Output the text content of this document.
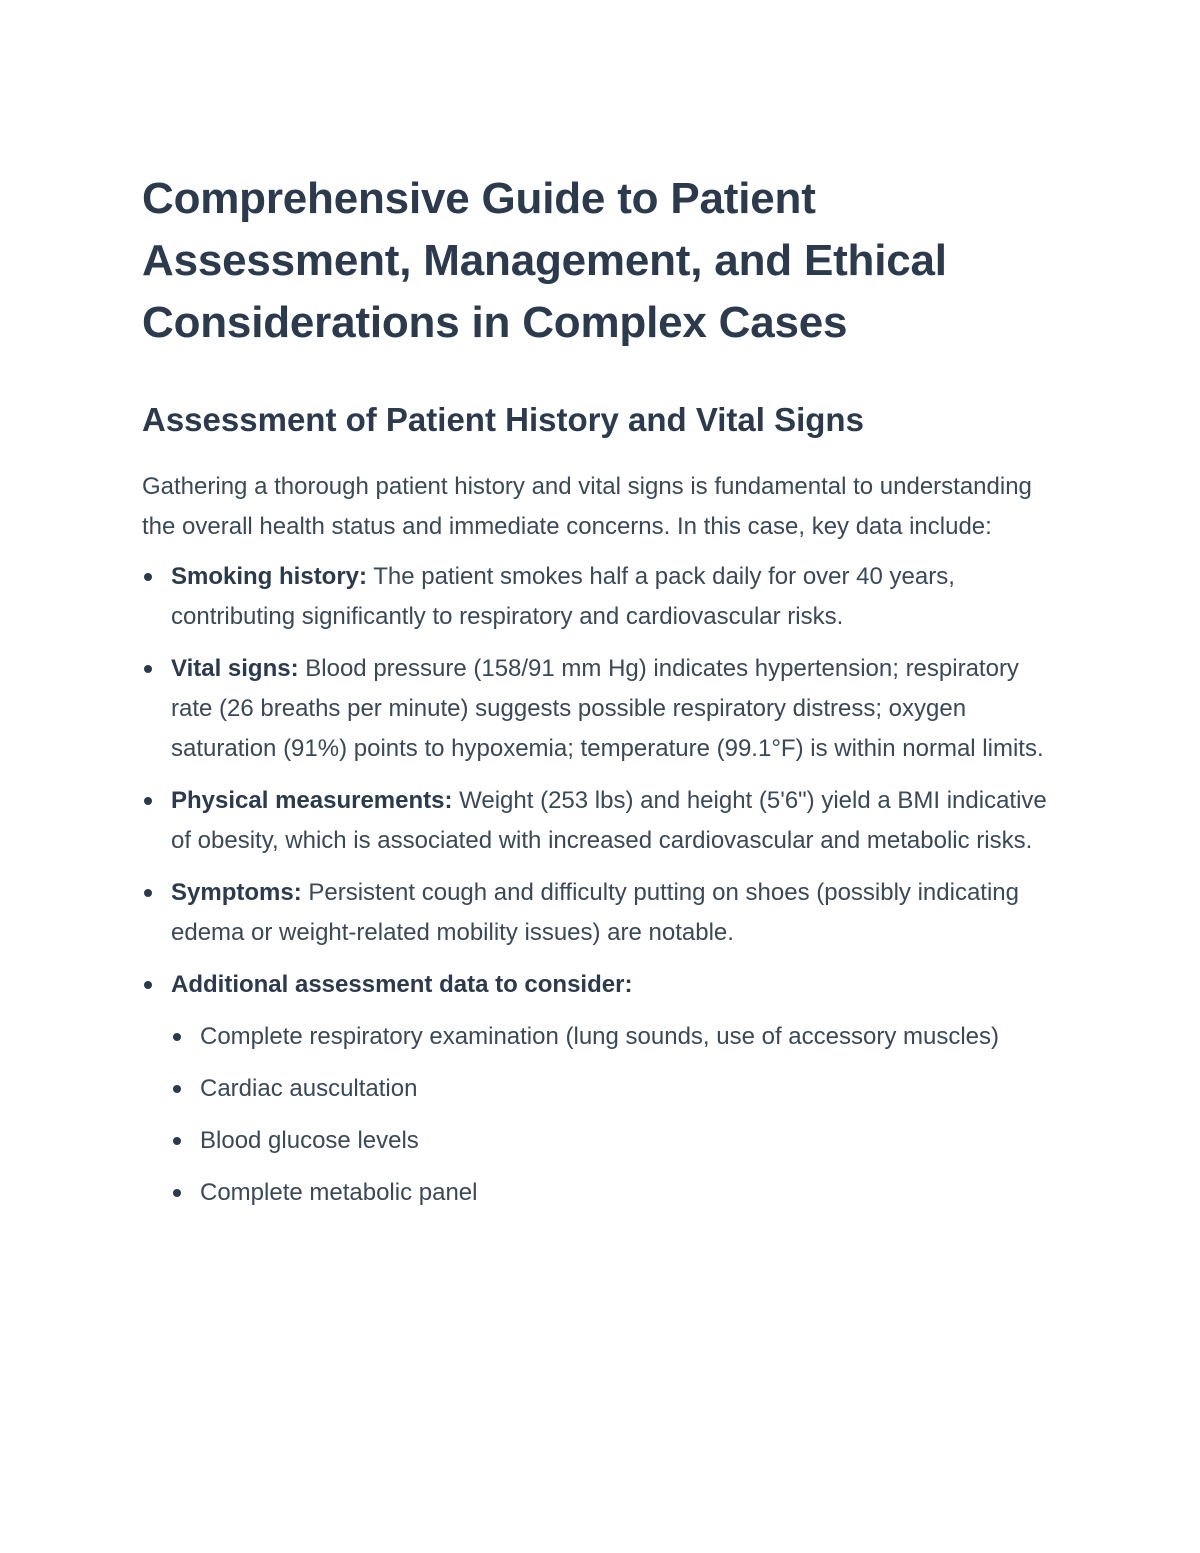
Comprehensive Guide to Patient Assessment, Management, and Ethical Considerations in Complex Cases
Assessment of Patient History and Vital Signs

Gathering a thorough patient history and vital signs is fundamental to understanding the overall health status and immediate concerns. In this case, key data include:

Smoking history: The patient smokes half a pack daily for over 40 years, contributing significantly to respiratory and cardiovascular risks.
Vital signs: Blood pressure (158/91 mm Hg) indicates hypertension; respiratory rate (26 breaths per minute) suggests possible respiratory distress; oxygen saturation (91%) points to hypoxemia; temperature (99.1°F) is within normal limits.
Physical measurements: Weight (253 lbs) and height (5'6") yield a BMI indicative of obesity, which is associated with increased cardiovascular and metabolic risks.
Symptoms: Persistent cough and difficulty putting on shoes (possibly indicating edema or weight-related mobility issues) are notable.
Additional assessment data to consider:
Complete respiratory examination (lung sounds, use of accessory muscles)
Cardiac auscultation
Blood glucose levels
Complete metabolic panel
